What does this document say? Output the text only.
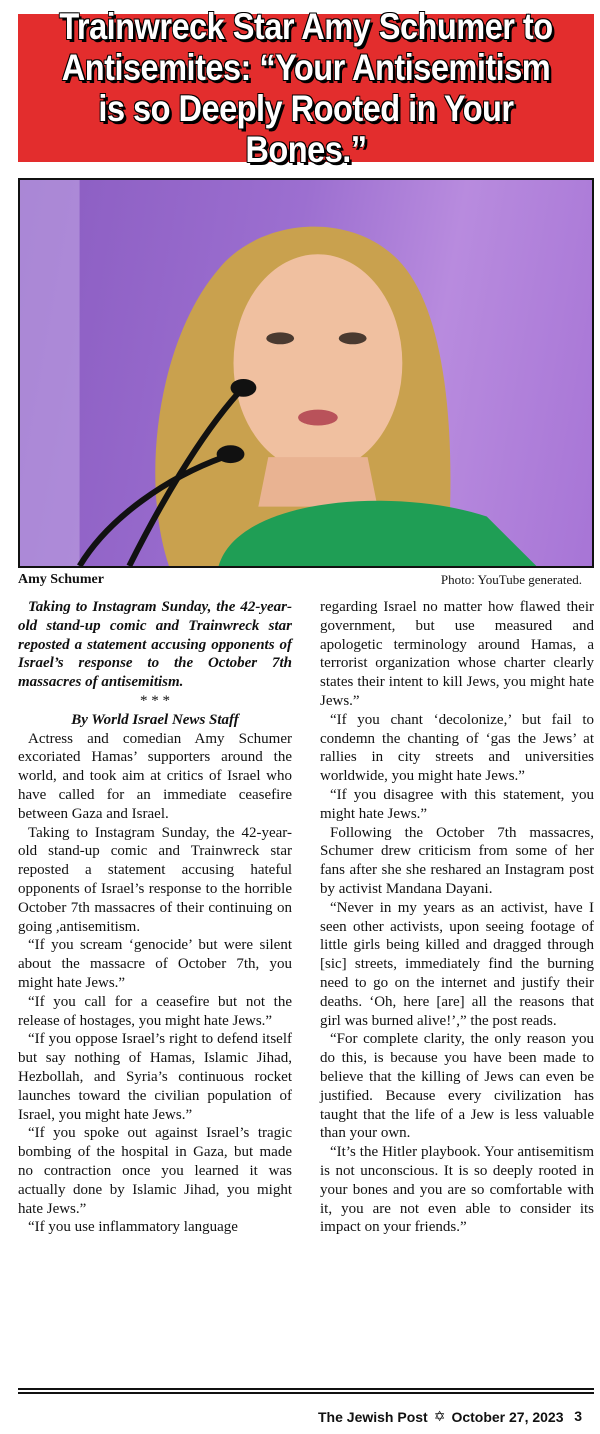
Trainwreck Star Amy Schumer to Antisemites: “Your Antisemitism is so Deeply Rooted in Your Bones.”
Amy Schumer	Photo: YouTube generated.

Taking to Instagram Sunday, the 42-year-old stand-up comic and Trainwreck star reposted a statement accusing opponents of Israel’s response to the October 7th massacres of antisemitism.

* * *

By World Israel News Staff

Actress and comedian Amy Schumer excoriated Hamas’ supporters around the world, and took aim at critics of Israel who have called for an immediate ceasefire between Gaza and Israel.

Taking to Instagram Sunday, the 42-year-old stand-up comic and Trainwreck star reposted a statement accusing hateful opponents of Israel’s response to the horrible October 7th massacres of their continuing on going ,antisemitism.

“If you scream ‘genocide’ but were silent about the massacre of October 7th, you might hate Jews.”

“If you call for a ceasefire but not the release of hostages, you might hate Jews.”

“If you oppose Israel’s right to defend itself but say nothing of Hamas, Islamic Jihad, Hezbollah, and Syria’s continuous rocket launches toward the civilian population of Israel, you might hate Jews.”

“If you spoke out against Israel’s tragic bombing of the hospital in Gaza, but made no contraction once you learned it was actually done by Islamic Jihad, you might hate Jews.”

“If you use inflammatory language

regarding Israel no matter how flawed their government, but use measured and apologetic terminology around Hamas, a terrorist organization whose charter clearly states their intent to kill Jews, you might hate Jews.”

“If you chant ‘decolonize,’ but fail to condemn the chanting of ‘gas the Jews’ at rallies in city streets and universities worldwide, you might hate Jews.”

“If you disagree with this statement, you might hate Jews.”

Following the October 7th massacres, Schumer drew criticism from some of her fans after she she reshared an Instagram post by activist Mandana Dayani.

“Never in my years as an activist, have I seen other activists, upon seeing footage of little girls being killed and dragged through [sic] streets, immediately find the burning need to go on the internet and justify their deaths. ‘Oh, here [are] all the reasons that girl was burned alive!’,” the post reads.

“For complete clarity, the only reason you do this, is because you have been made to believe that the killing of Jews can even be justified. Because every civilization has taught that the life of a Jew is less valuable than your own.

“It’s the Hitler playbook. Your antisemitism is not unconscious. It is so deeply rooted in your bones and you are so comfortable with it, you are not even able to consider its impact on your friends.”

The Jewish Post ✡ October 27, 2023 3
